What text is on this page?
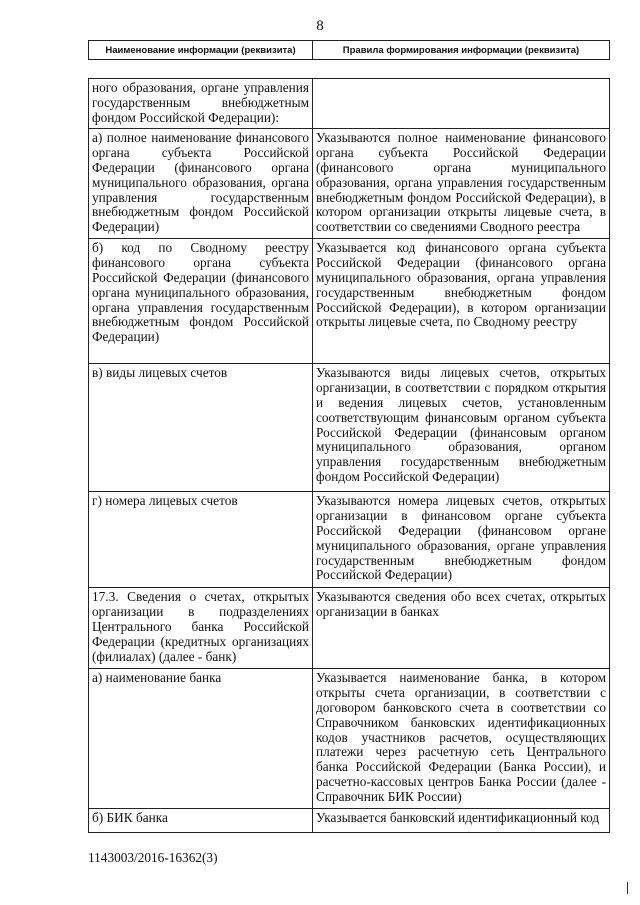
8
Наименование информации (реквизита)	Правила формирования информации (реквизита)
ного образования, органе управления государственным внебюджетным фондом Российской Федерации):	
а) полное наименование финансового органа субъекта Российской Федерации (финансового органа муниципального образования, органа управления государственным внебюджетным фондом Российской Федерации)	Указываются полное наименование финансового органа субъекта Российской Федерации (финансового органа муниципального образования, органа управления государственным внебюджетным фондом Российской Федерации), в котором организации открыты лицевые счета, в соответствии со сведениями Сводного реестра
б) код по Сводному реестру финансового органа субъекта Российской Федерации (финансового органа муниципального образования, органа управления государственным внебюджетным фондом Российской Федерации)	Указывается код финансового органа субъекта Российской Федерации (финансового органа муниципального образования, органа управления государственным внебюджетным фондом Российской Федерации), в котором организации открыты лицевые счета, по Сводному реестру
в) виды лицевых счетов	Указываются виды лицевых счетов, открытых организации, в соответствии с порядком открытия и ведения лицевых счетов, установленным соответствующим финансовым органом субъекта Российской Федерации (финансовым органом муниципального образования, органом управления государственным внебюджетным фондом Российской Федерации)
г) номера лицевых счетов	Указываются номера лицевых счетов, открытых организации в финансовом органе субъекта Российской Федерации (финансовом органе муниципального образования, органе управления государственным внебюджетным фондом Российской Федерации)
17.3. Сведения о счетах, открытых организации в подразделениях Центрального банка Российской Федерации (кредитных организациях (филиалах) (далее - банк)	Указываются сведения обо всех счетах, открытых организации в банках
а) наименование банка	Указывается наименование банка, в котором открыты счета организации, в соответствии с договором банковского счета в соответствии со Справочником банковских идентификационных кодов участников расчетов, осуществляющих платежи через расчетную сеть Центрального банка Российской Федерации (Банка России), и расчетно-кассовых центров Банка России (далее - Справочник БИК России)
б) БИК банка	Указывается банковский идентификационный код
1143003/2016-16362(3)
